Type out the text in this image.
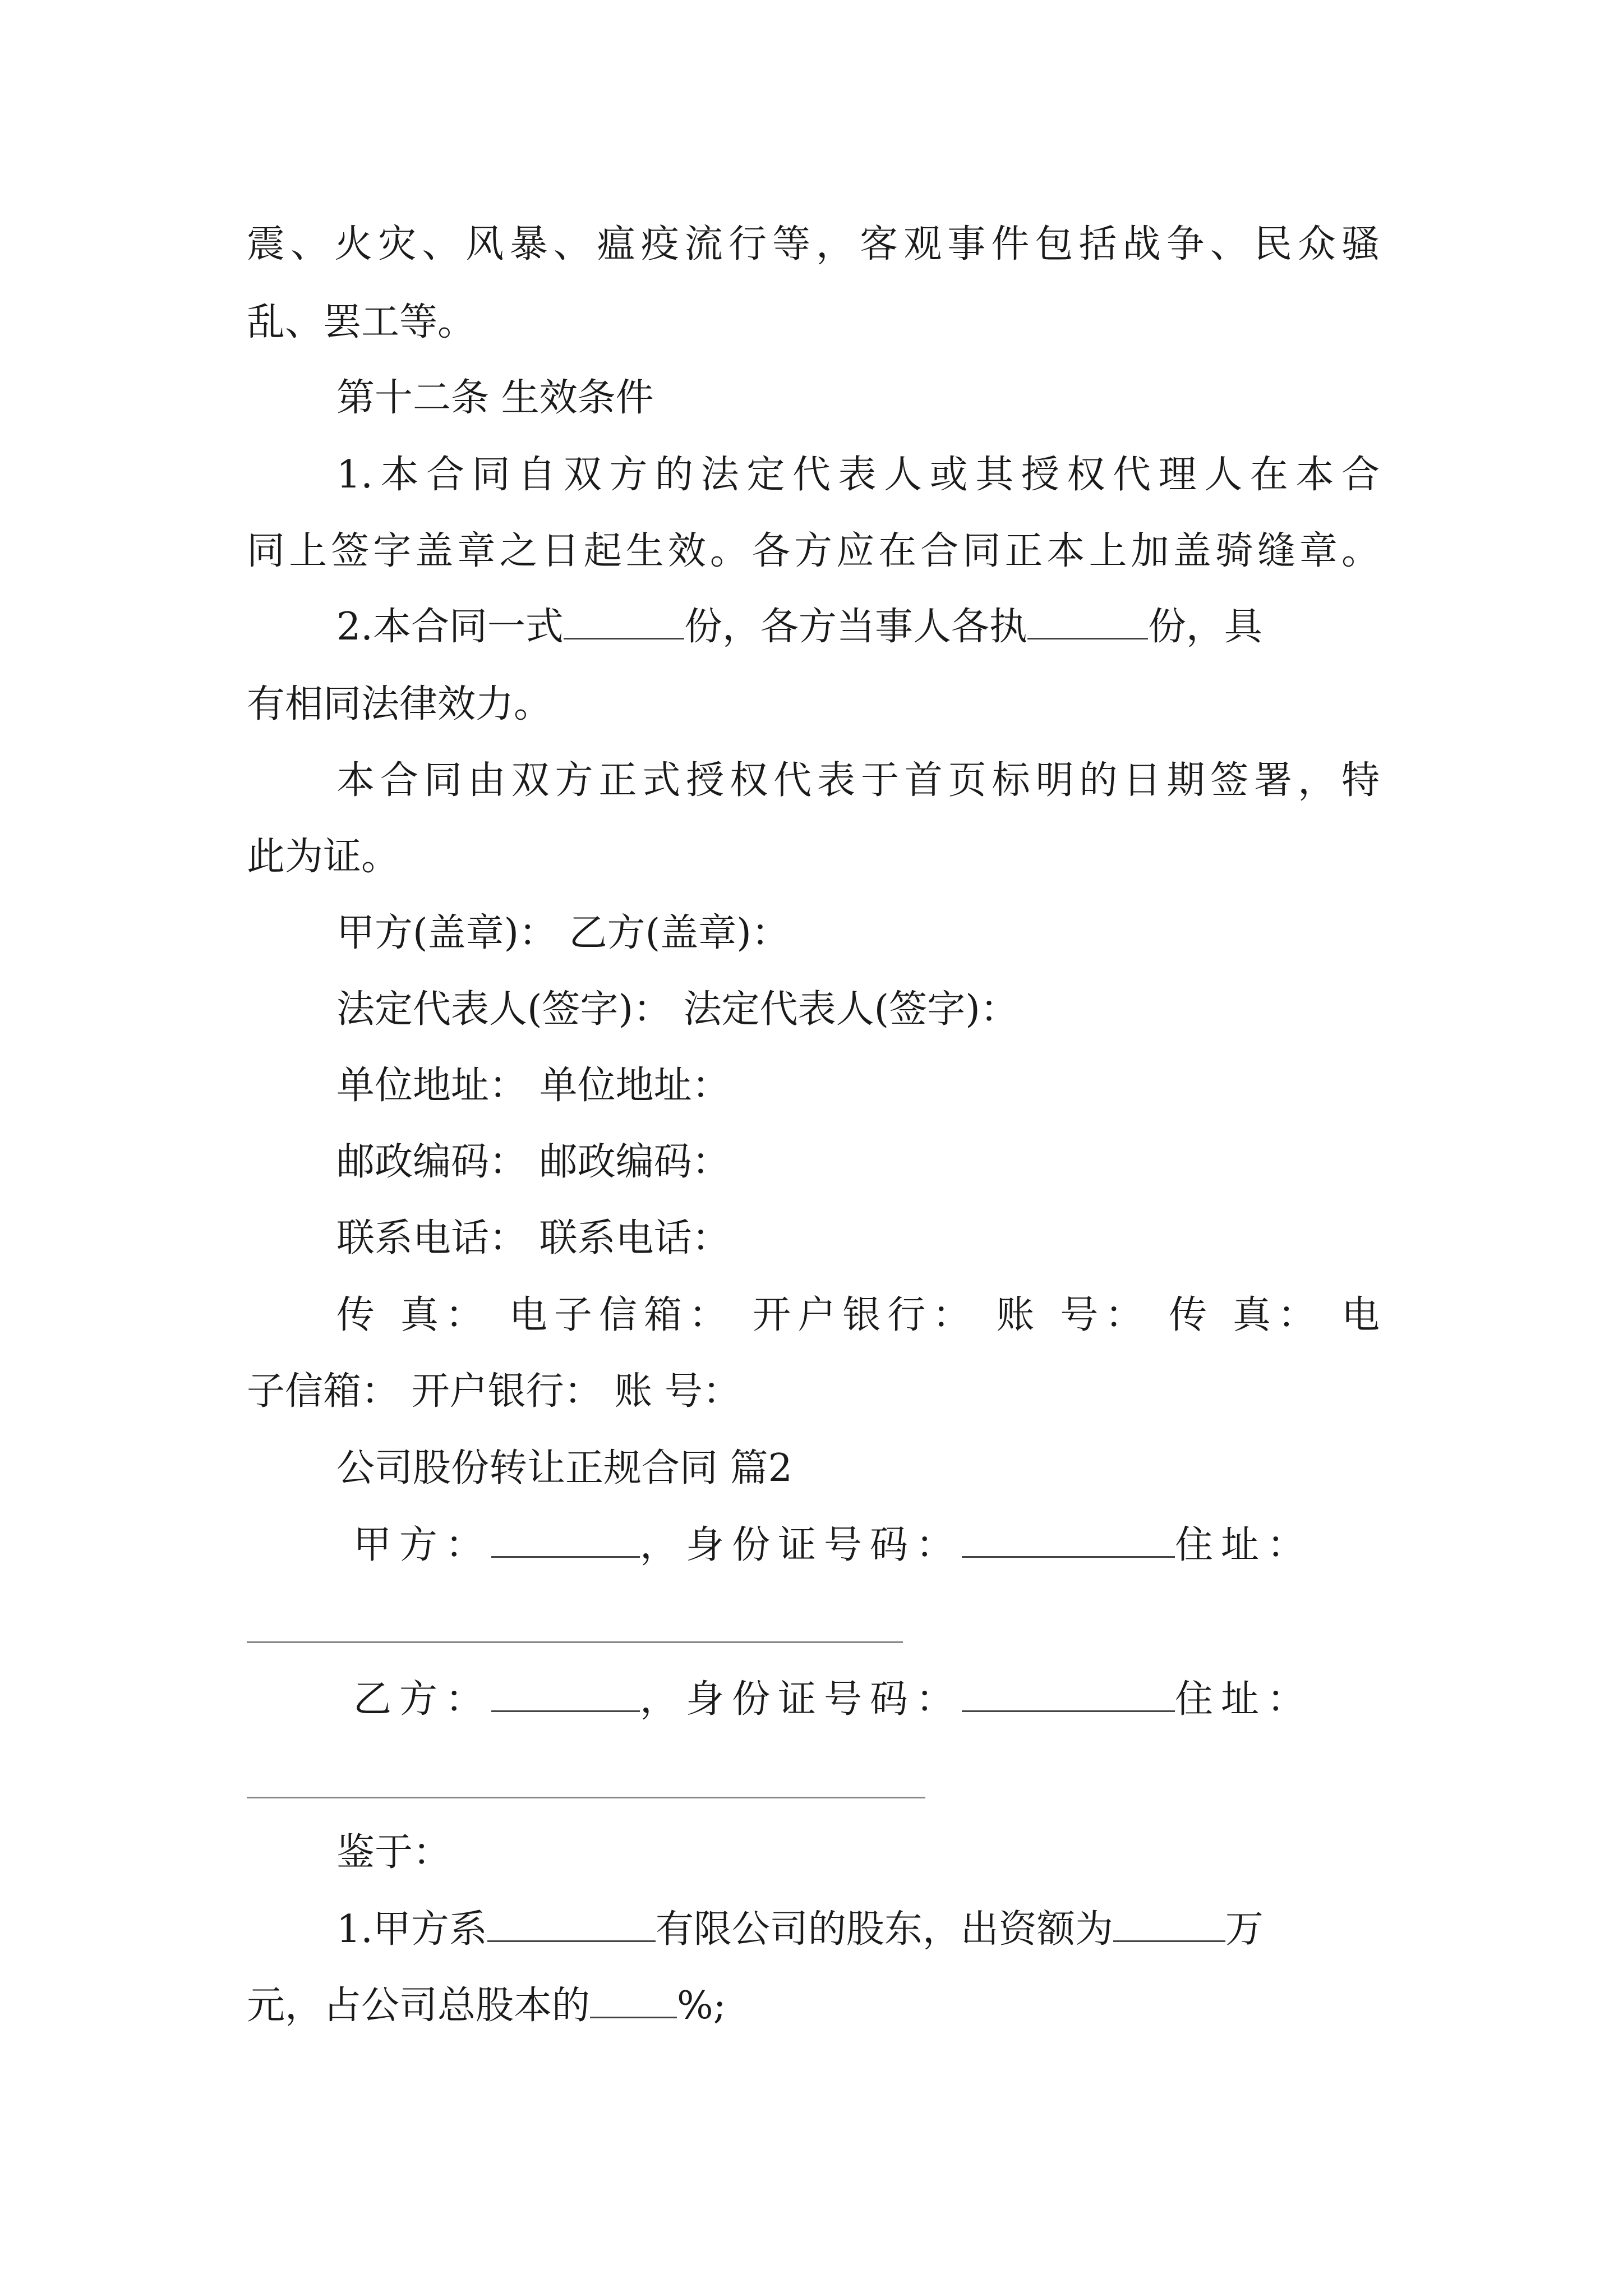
震、火灾、风暴、瘟疫流行等，客观事件包括战争、民众骚
乱、罢工等。
第十二条 生效条件
1.本合同自双方的法定代表人或其授权代理人在本合
同上签字盖章之日起生效。各方应在合同正本上加盖骑缝章。
2.本合同一式	份，各方当事人各执	份，具
有相同法律效力。
本合同由双方正式授权代表于首页标明的日期签署，特
此为证。
甲方(盖章)： 乙方(盖章)：
法定代表人(签字)： 法定代表人(签字)：
单位地址： 单位地址：
邮政编码： 邮政编码：
联系电话： 联系电话：
传 真： 电子信箱： 开户银行： 账 号： 传 真： 电
子信箱： 开户银行： 账 号：
公司股份转让正规合同 篇2
甲方：	，身份证号码：	住址：
乙方：	，身份证号码：	住址：
鉴于：
1.甲方系	有限公司的股东，出资额为	万
元，占公司总股本的 %;
